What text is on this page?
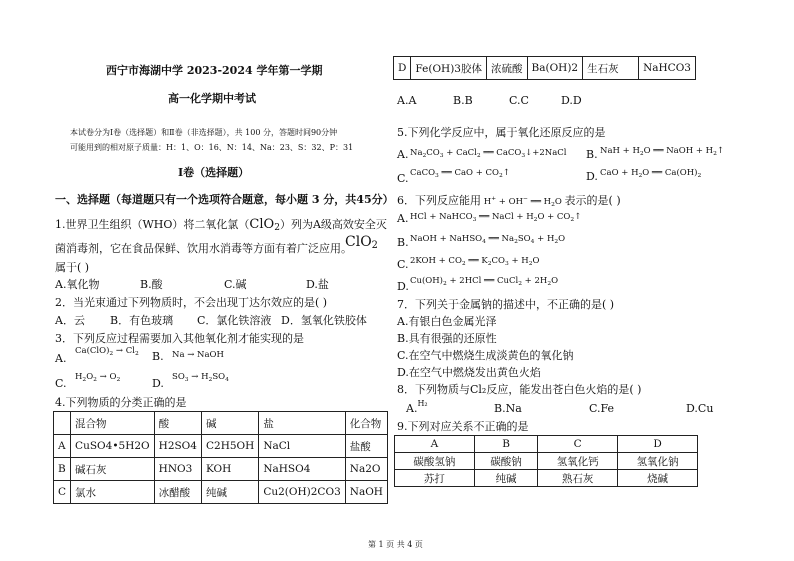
西宁市海湖中学 2023-2024 学年第一学期
高一化学期中考试
本试卷分为Ⅰ卷（选择题）和Ⅱ卷（非选择题），共 100 分，答题时间90分钟
可能用到的相对原子质量：H：1、O：16、N：14、Na：23、S：32、P：31
Ⅰ卷（选择题）
一、选择题（每道题只有一个选项符合题意，每小题 3 分，共45分）
1.世界卫生组织（WHO）将二氧化氯（ClO$_2$）列为A级高效安全灭
菌消毒剂，它在食品保鲜、饮用水消毒等方面有着广泛应用。
ClO$_2$
属于( )
A.氧化物	B.酸	C.碱	D.盐
2．当光束通过下列物质时，不会出现丁达尔效应的是( )
A．云 B．有色玻璃 C．氯化铁溶液 D．氢氧化铁胶体
3．下列反应过程需要加入其他氧化剂才能实现的是
A.
$Ca(ClO)_2 \to Cl_2$ B. Na → NaOH
C. $H_2O_2 \to O_2$	D. $SO_3 \to H_2SO_4$
4.下列物质的分类正确的是
	混合物	酸	碱	盐	化合物
A	CuSO4•5H2O	H2SO4	C2H5OH	NaCl	盐酸
B	碱石灰	HNO3	KOH	NaHSO4	Na2O
C	氯水	冰醋酸	纯碱	Cu2(OH)2CO3	NaOH
D	Fe(OH)3胶体	浓硫酸	Ba(OH)2	生石灰	NaHCO3
A.A	B.B	C.C	D.D
5.下列化学反应中，属于氧化还原反应的是
A. $Na_2CO_3$ + CaCl$_2$ ══ CaCO$_3$↓+2NaCl B. NaH + $H_2O$ ══ NaOH + $H_2↑$
C. CaCO$_3$ ══ CaO + $CO_2↑$	D. CaO + $H_2O$ ══ $Ca(OH)_2$
6．下列反应能用 H+ + OH− ══ $H_2O$ 表示的是( )
A. HCl + NaHCO$_3$ ══ NaCl + $H_2O$ + $CO_2↑$
B. NaOH + NaHSO$_4$ ══ $Na_2SO_4 + H_2O$
C. $2KOH + CO_2$ ══ $K_2CO_3 + H_2O$
D. $Cu(OH)_2 + 2HCl$ ══ CuCl$_2$ + $2H_2O$
7．下列关于金属钠的描述中，不正确的是( )
A.有银白色金属光泽
B.具有很强的还原性
C.在空气中燃烧生成淡黄色的氧化钠
D.在空气中燃烧发出黄色火焰
8．下列物质与Cl₂反应，能发出苍白色火焰的是( )
A.$^{H_2}$	B.Na	C.Fe	D.Cu
9.下列对应关系不正确的是
A	B	C	D
碳酸氢钠	碳酸钠	氢氧化钙	氢氧化钠
苏打	纯碱	熟石灰	烧碱
第 1 页 共 4 页
